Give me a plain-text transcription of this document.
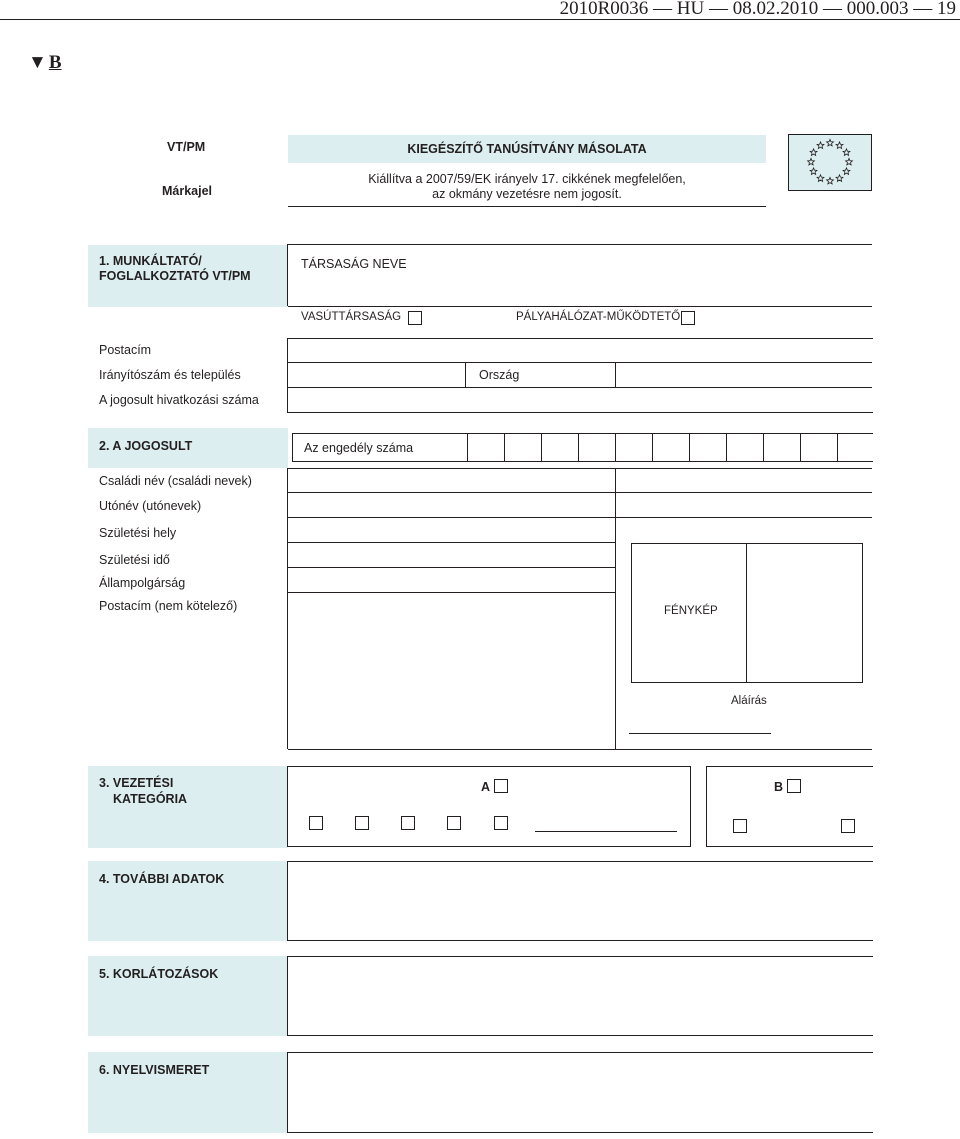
2010R0036 — HU — 08.02.2010 — 000.003 — 19
▼ B
VT/PM
Márkajel
KIEGÉSZÍTŐ TANÚSÍTVÁNY MÁSOLATA
Kiállítva a 2007/59/EK irányelv 17. cikkének megfelelően,
az okmány vezetésre nem jogosít.
1. MUNKÁLTATÓ/
FOGLALKOZTATÓ VT/PM
TÁRSASÁG NEVE
VASÚTTÁRSASÁG	PÁLYAHÁLÓZAT-MŰKÖDTETŐ
Postacím
Irányítószám és település
A jogosult hivatkozási száma
Ország
2. A JOGOSULT	Az engedély száma
Családi név (családi nevek)
Utónév (utónevek)
Születési hely
Születési idő
Állampolgárság
Postacím (nem kötelező)	FÉNYKÉP
Aláírás
3. VEZETÉSI
KATEGÓRIA
A	B
4. TOVÁBBI ADATOK
5. KORLÁTOZÁSOK
6. NYELVISMERET
